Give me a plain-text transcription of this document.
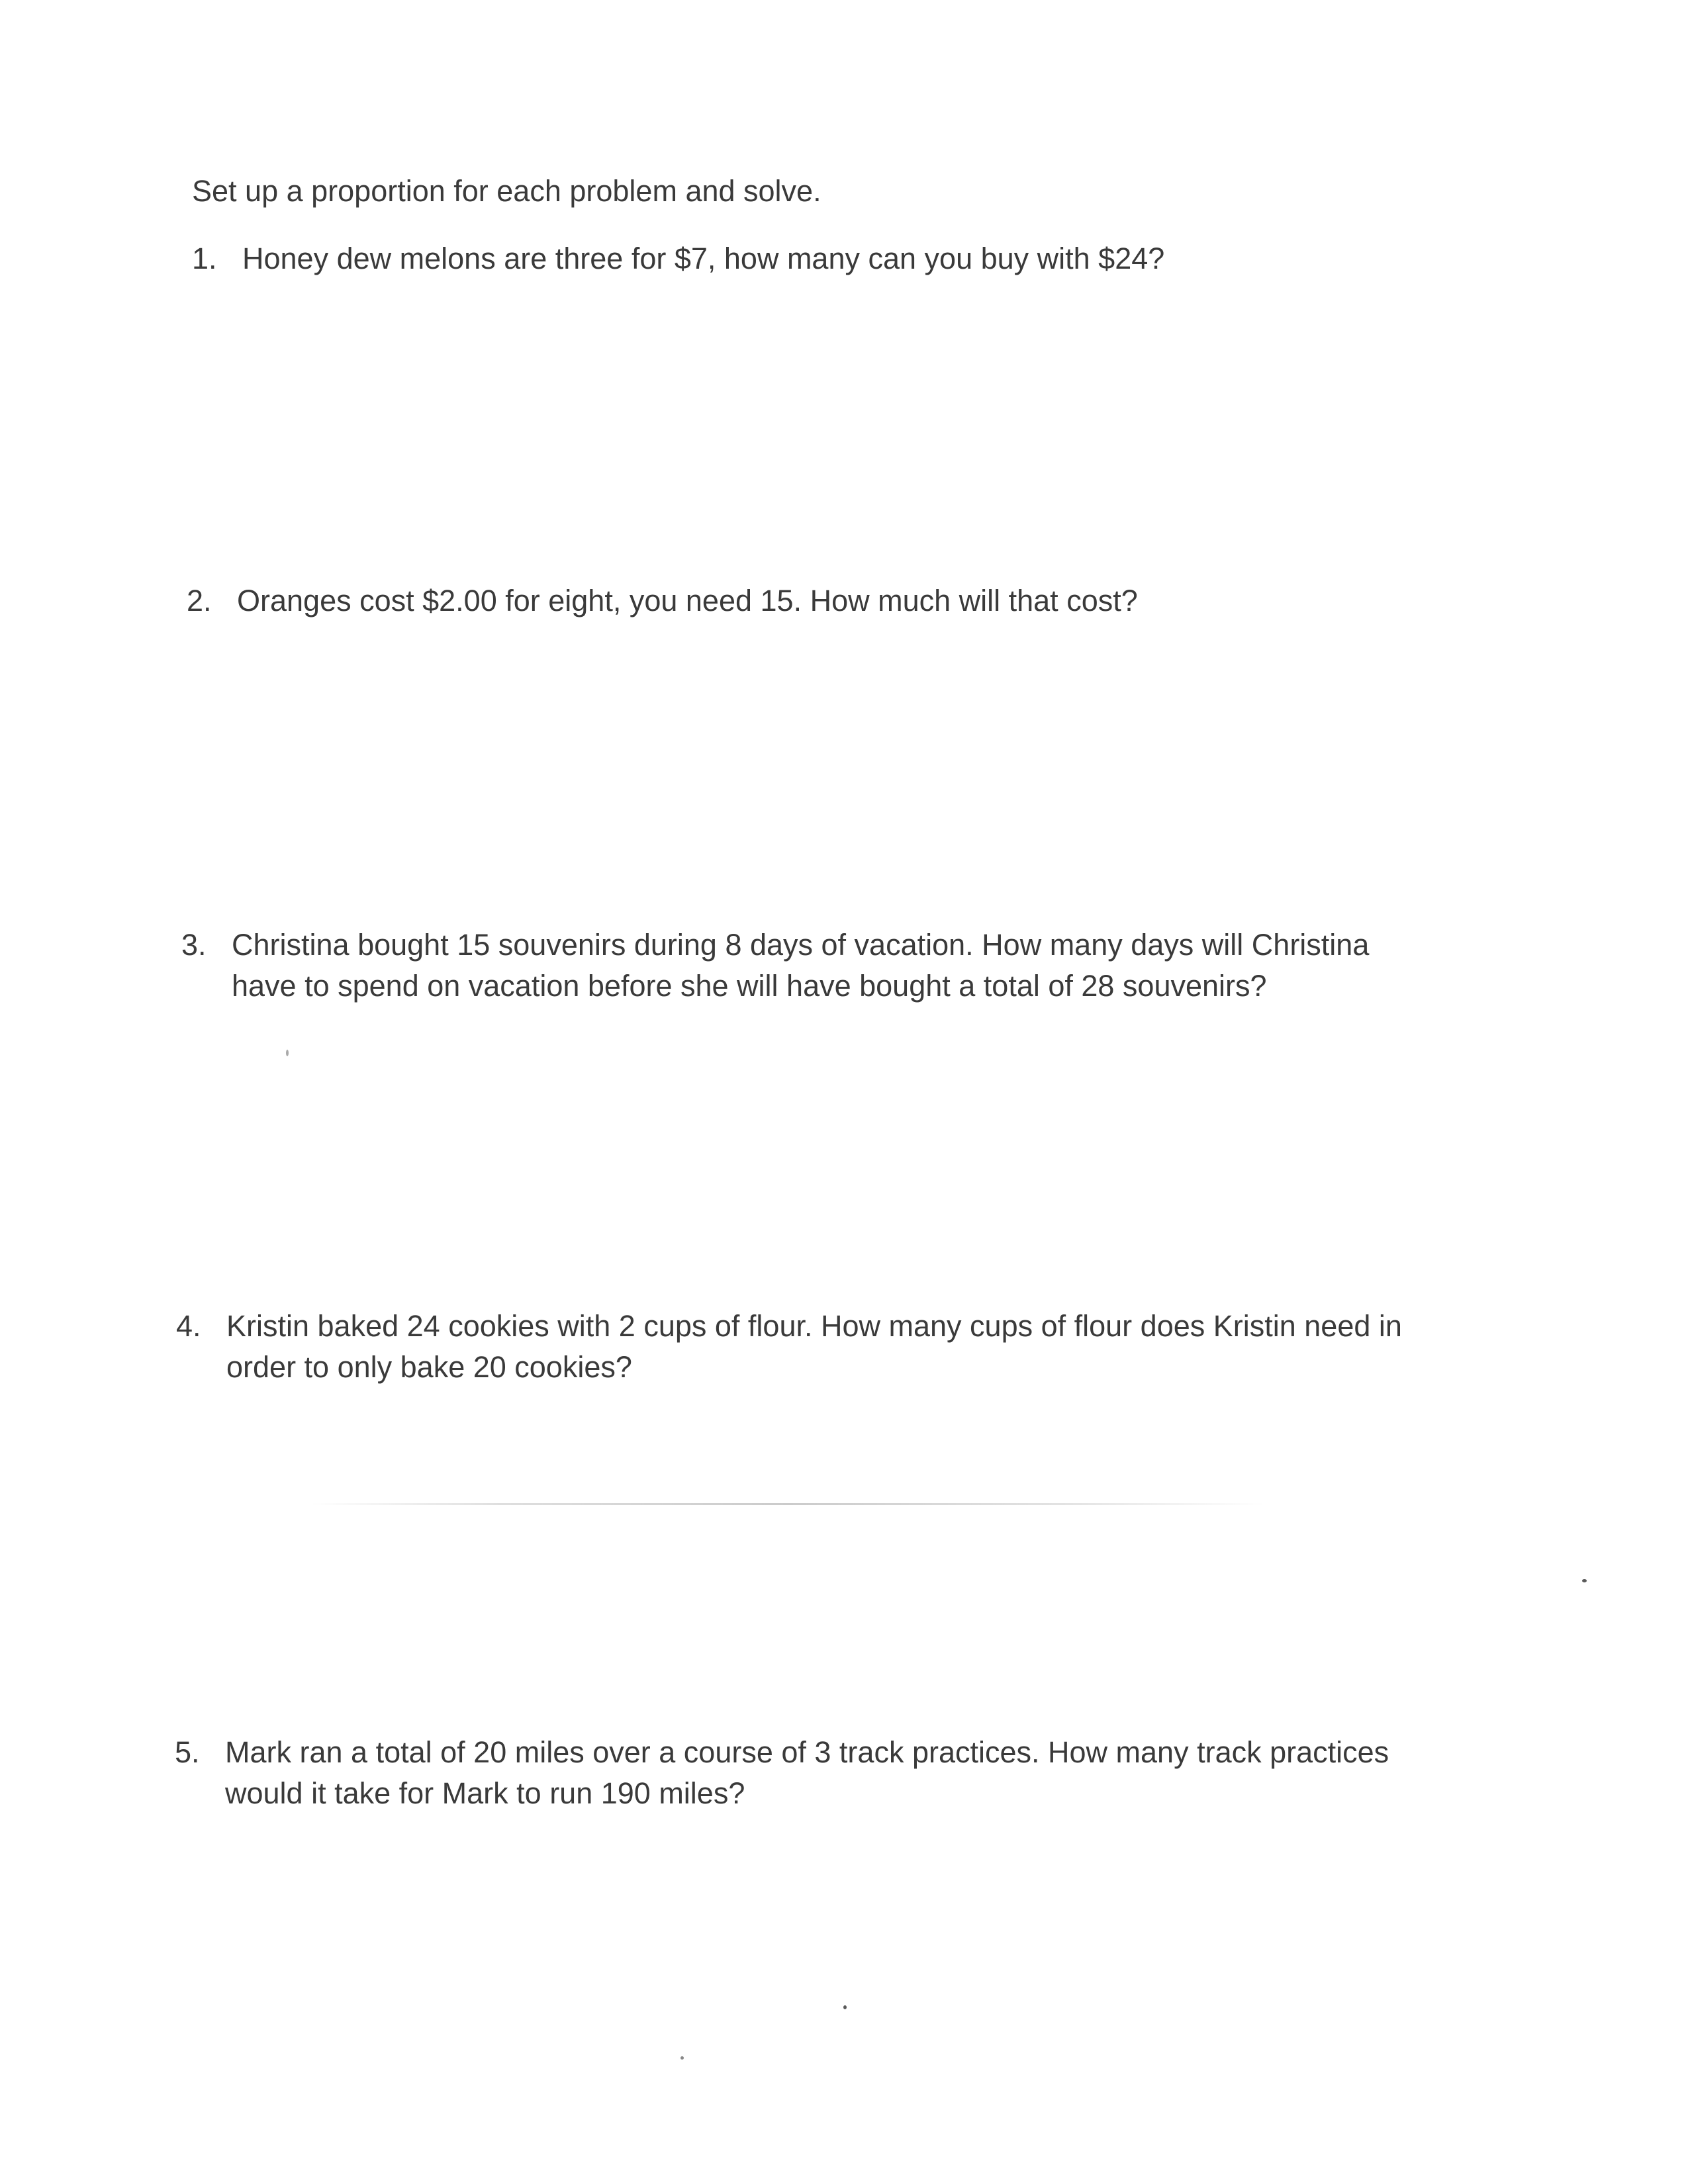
Set up a proportion for each problem and solve.
1. Honey dew melons are three for $7, how many can you buy with $24?
2. Oranges cost $2.00 for eight, you need 15. How much will that cost?
3. Christina bought 15 souvenirs during 8 days of vacation. How many days will Christina have to spend on vacation before she will have bought a total of 28 souvenirs?
4. Kristin baked 24 cookies with 2 cups of flour. How many cups of flour does Kristin need in order to only bake 20 cookies?
5. Mark ran a total of 20 miles over a course of 3 track practices. How many track practices would it take for Mark to run 190 miles?
